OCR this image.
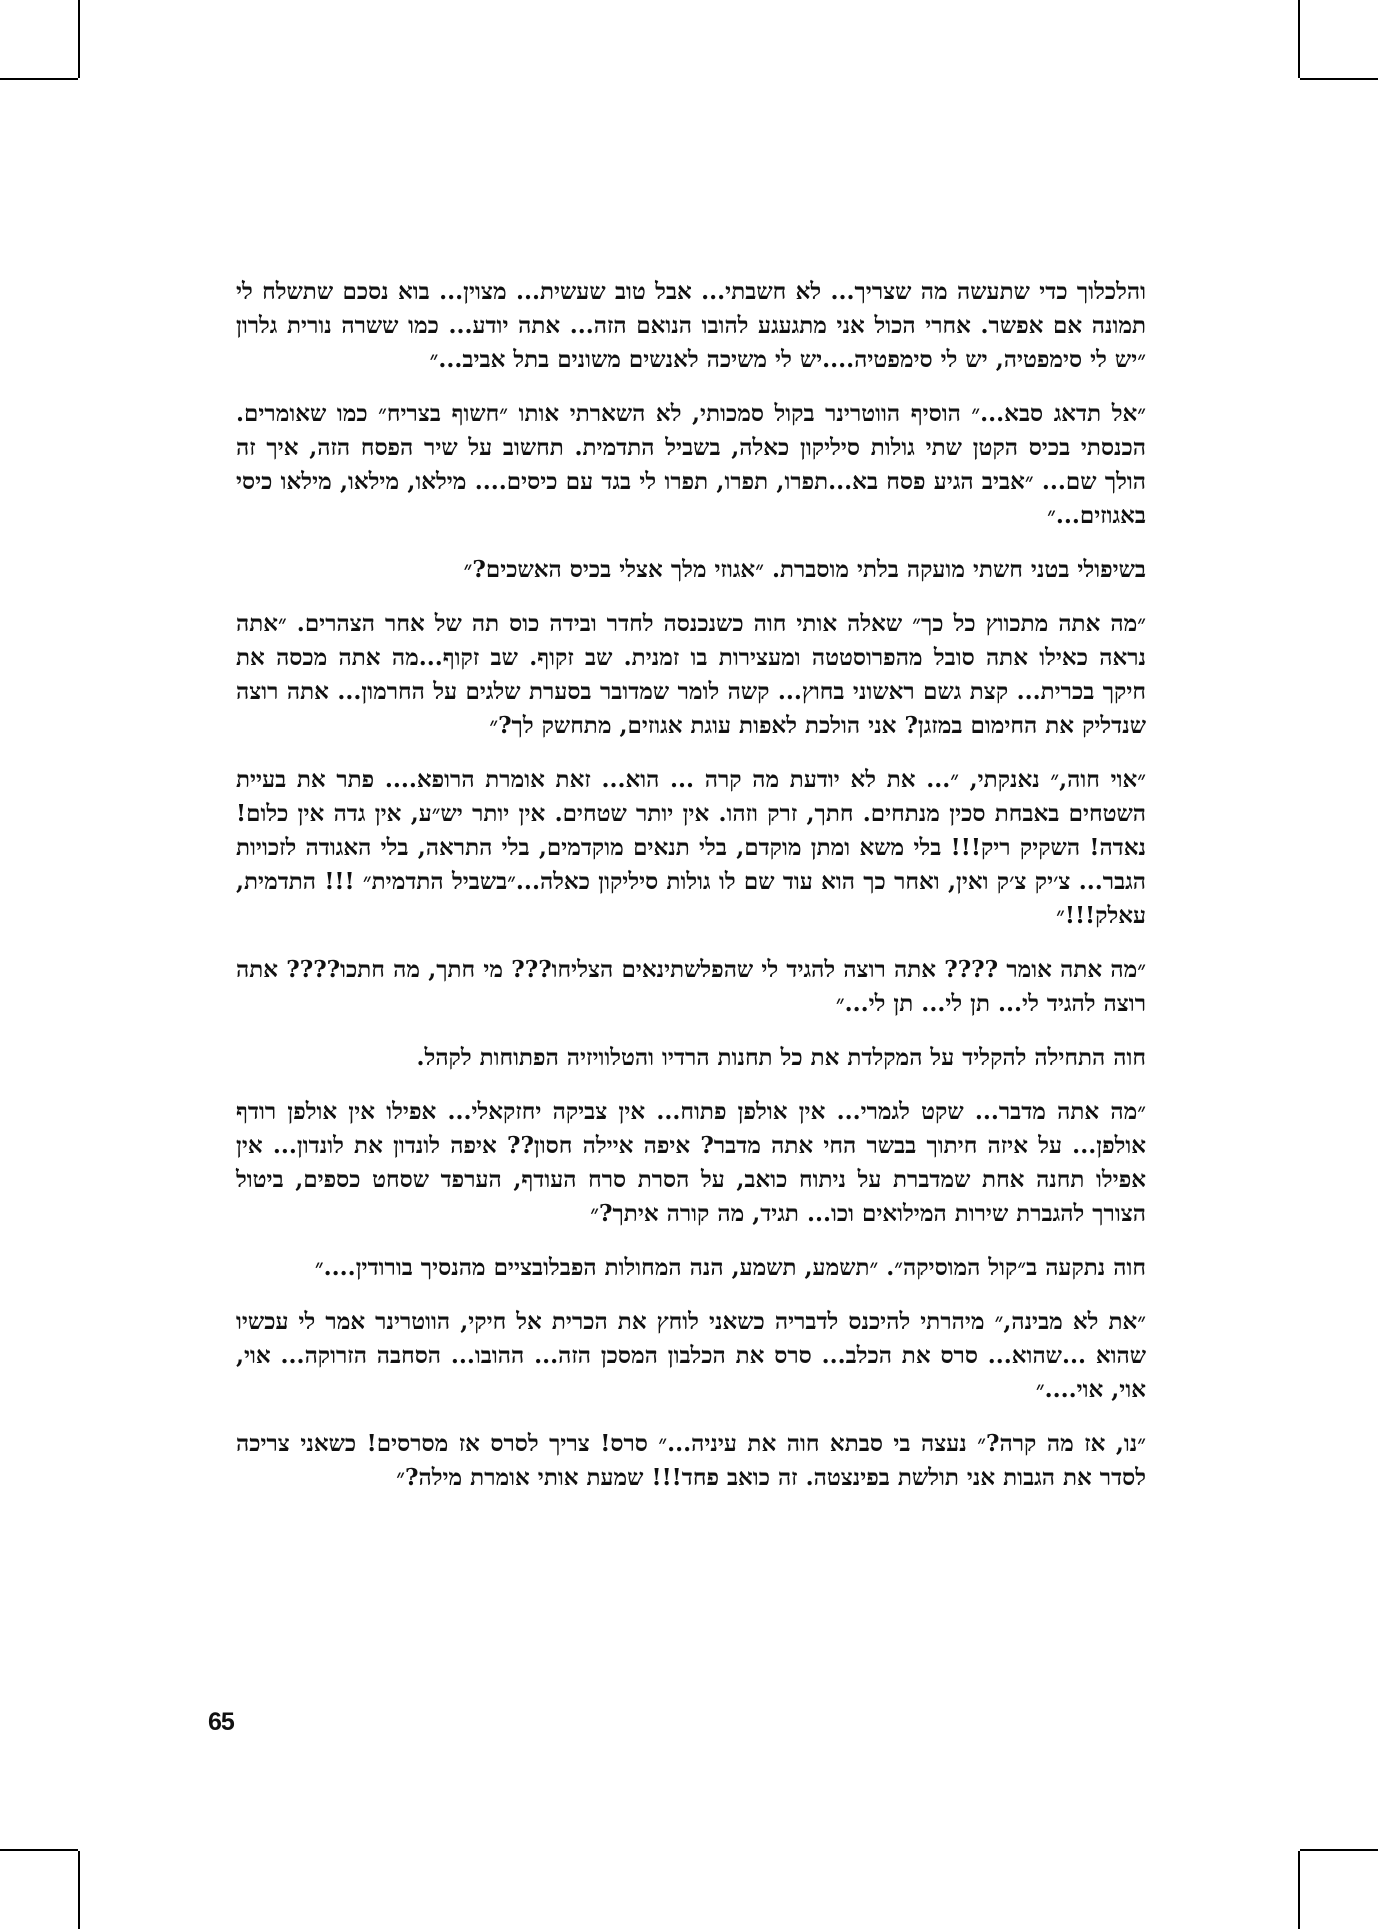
והלכלוך כדי שתעשה מה שצריך... לא חשבתי... אבל טוב שעשית... מצוין... בוא נסכם שתשלח לי תמונה אם אפשר. אחרי הכול אני מתגעגע להובו הנואם הזה... אתה יודע... כמו ששרה נורית גלרון ״יש לי סימפטיה, יש לי סימפטיה....יש לי משיכה לאנשים משונים בתל אביב...״

״אל תדאג סבא...״ הוסיף הווטרינר בקול סמכותי, לא השארתי אותו ״חשוף בצריח״ כמו שאומרים. הכנסתי בכיס הקטן שתי גולות סיליקון כאלה, בשביל התדמית. תחשוב על שיר הפסח הזה, איך זה הולך שם... ״אביב הגיע פסח בא...תפרו, תפרו, תפרו לי בגד עם כיסים.... מילאו, מילאו, מילאו כיסי באגוזים...״

בשיפולי בטני חשתי מועקה בלתי מוסברת. ״אגוזי מלך אצלי בכיס האשכים?״

״מה אתה מתכווץ כל כך״ שאלה אותי חוה כשנכנסה לחדר ובידה כוס תה של אחר הצהרים. ״אתה נראה כאילו אתה סובל מהפרוסטטה ומעצירות בו זמנית. שב זקוף. שב זקוף...מה אתה מכסה את חיקך בכרית... קצת גשם ראשוני בחוץ... קשה לומר שמדובר בסערת שלגים על החרמון... אתה רוצה שנדליק את החימום במזגן? אני הולכת לאפות עוגת אגוזים, מתחשק לך?״

״אוי חוה,״ נאנקתי, ״... את לא יודעת מה קרה ... הוא... זאת אומרת הרופא.... פתר את בעיית השטחים באבחת סכין מנתחים. חתך, זרק וזהו. אין יותר שטחים. אין יותר יש״ע, אין גדה אין כלום! נאדה! השקיק ריק!!! בלי משא ומתן מוקדם, בלי תנאים מוקדמים, בלי התראה, בלי האגודה לזכויות הגבר... צ׳יק צ׳ק ואין, ואחר כך הוא עוד שם לו גולות סיליקון כאלה...״בשביל התדמית״ !!! התדמית, עאלק!!!״

״מה אתה אומר ???? אתה רוצה להגיד לי שהפלשתינאים הצליחו??? מי חתך, מה חתכו???? אתה רוצה להגיד לי... תן לי... תן לי...״

חוה התחילה להקליד על המקלדת את כל תחנות הרדיו והטלוויזיה הפתוחות לקהל.

״מה אתה מדבר... שקט לגמרי... אין אולפן פתוח... אין צביקה יחזקאלי... אפילו אין אולפן רודף אולפן... על איזה חיתוך בבשר החי אתה מדבר? איפה איילה חסון?? איפה לונדון את לונדון... אין אפילו תחנה אחת שמדברת על ניתוח כואב, על הסרת סרח העודף, הערפד שסחט כספים, ביטול הצורך להגברת שירות המילואים וכו... תגיד, מה קורה איתך?״

חוה נתקעה ב״קול המוסיקה״. ״תשמע, תשמע, הנה המחולות הפבלובציים מהנסיך בורודין....״

״את לא מבינה,״ מיהרתי להיכנס לדבריה כשאני לוחץ את הכרית אל חיקי, הווטרינר אמר לי עכשיו שהוא ...שהוא... סרס את הכלב... סרס את הכלבון המסכן הזה... ההובו... הסחבה הזרוקה... אוי, אוי, אוי....״

״נו, אז מה קרה?״ נעצה בי סבתא חוה את עיניה...״ סרס! צריך לסרס אז מסרסים! כשאני צריכה לסדר את הגבות אני תולשת בפינצטה. זה כואב פחד!!! שמעת אותי אומרת מילה?״

65
